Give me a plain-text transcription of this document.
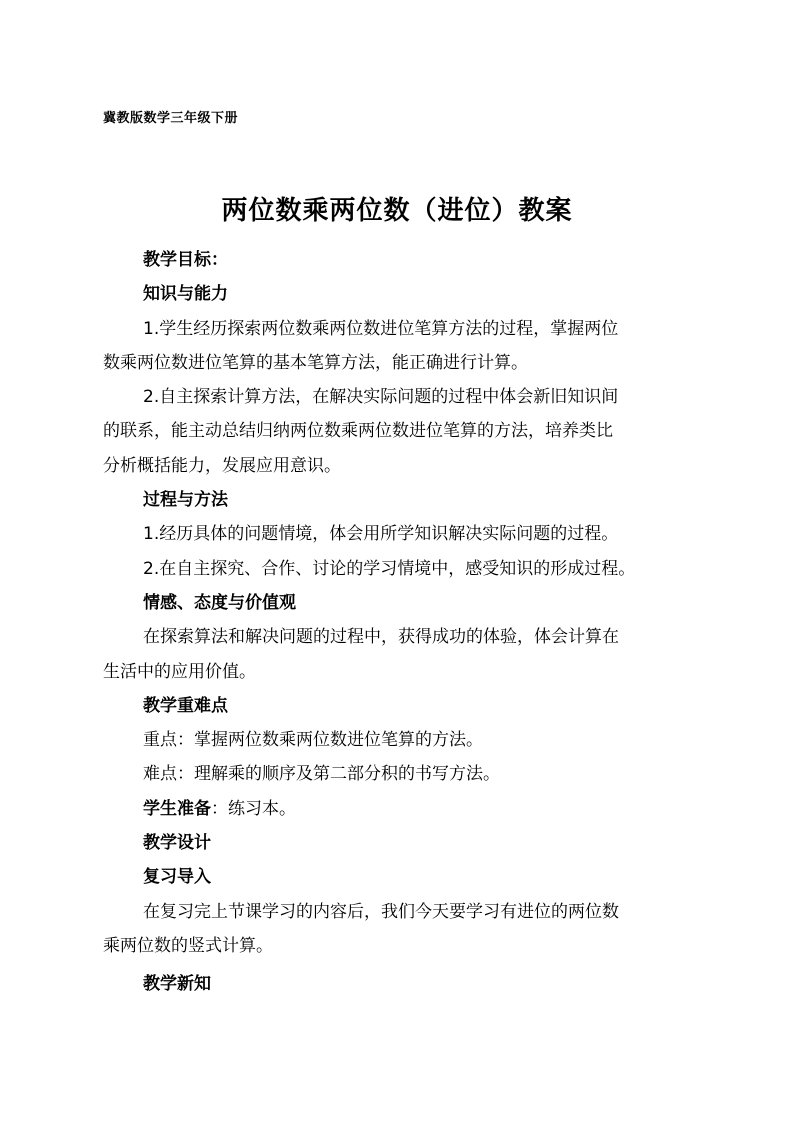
冀教版数学三年级下册
两位数乘两位数（进位）教案
教学目标：
知识与能力
1.学生经历探索两位数乘两位数进位笔算方法的过程，掌握两位
数乘两位数进位笔算的基本笔算方法，能正确进行计算。
2.自主探索计算方法，在解决实际问题的过程中体会新旧知识间
的联系，能主动总结归纳两位数乘两位数进位笔算的方法，培养类比
分析概括能力，发展应用意识。
过程与方法
1.经历具体的问题情境，体会用所学知识解决实际问题的过程。
2.在自主探究、合作、讨论的学习情境中，感受知识的形成过程。
情感、态度与价值观
在探索算法和解决问题的过程中，获得成功的体验，体会计算在
生活中的应用价值。
教学重难点
重点：掌握两位数乘两位数进位笔算的方法。
难点：理解乘的顺序及第二部分积的书写方法。
学生准备：练习本。
教学设计
复习导入
在复习完上节课学习的内容后，我们今天要学习有进位的两位数
乘两位数的竖式计算。
教学新知
